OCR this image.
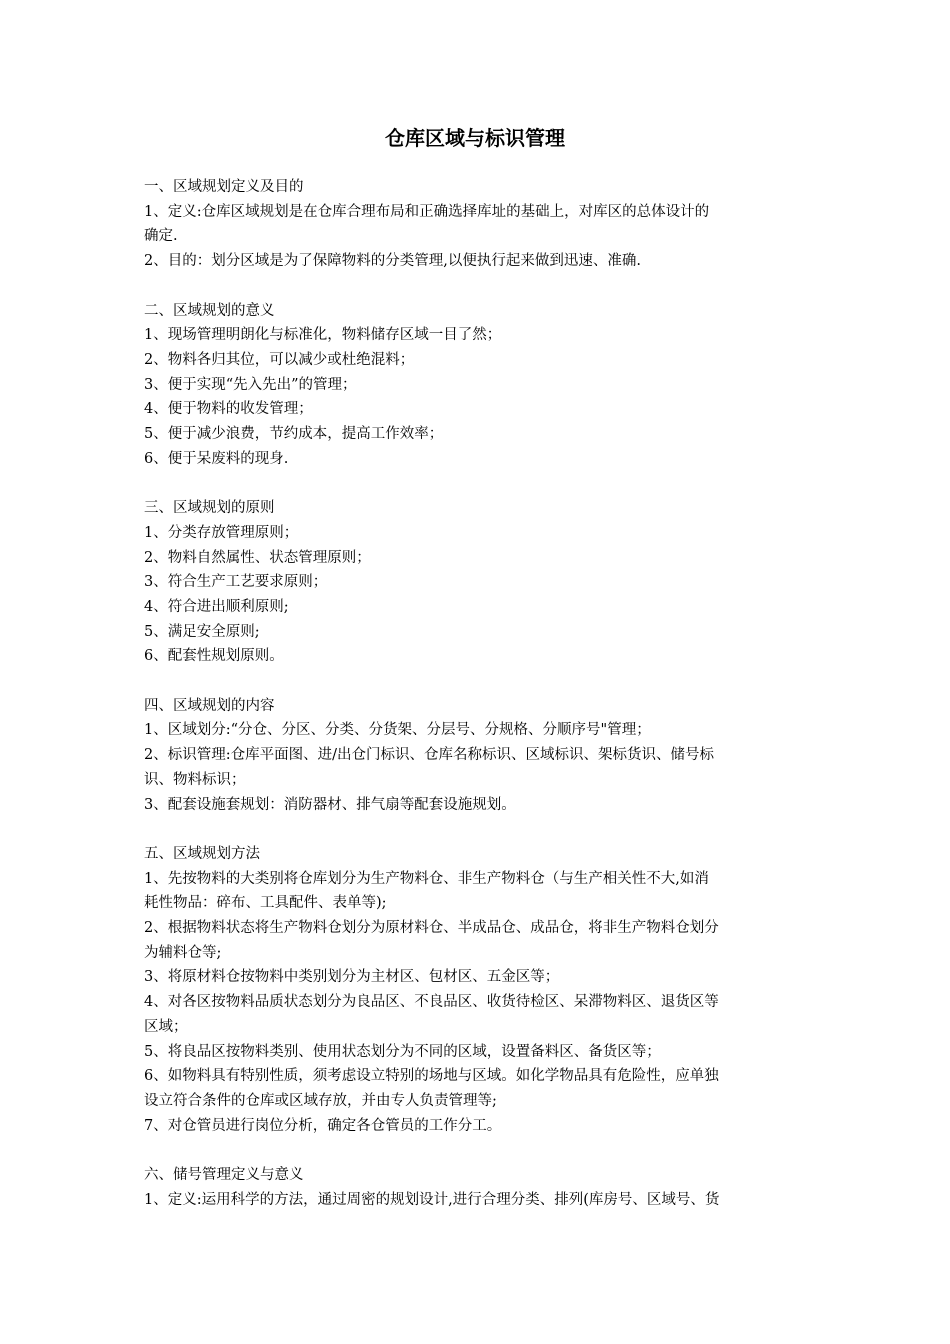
仓库区域与标识管理

一、区域规划定义及目的

1、定义:仓库区域规划是在仓库合理布局和正确选择库址的基础上，对库区的总体设计的

确定.

2、目的：划分区域是为了保障物料的分类管理,以便执行起来做到迅速、准确.

二、区域规划的意义

1、现场管理明朗化与标准化，物料储存区域一目了然；

2、物料各归其位，可以减少或杜绝混料；

3、便于实现“先入先出”的管理；

4、便于物料的收发管理；

5、便于减少浪费，节约成本，提高工作效率；

6、便于呆废料的现身.

三、区域规划的原则

1、分类存放管理原则；

2、物料自然属性、状态管理原则；

3、符合生产工艺要求原则；

4、符合进出顺利原则;

5、满足安全原则;

6、配套性规划原则。

四、区域规划的内容

1、区域划分:“分仓、分区、分类、分货架、分层号、分规格、分顺序号"管理；

2、标识管理:仓库平面图、进/出仓门标识、仓库名称标识、区域标识、架标货识、储号标

识、物料标识；

3、配套设施套规划：消防器材、排气扇等配套设施规划。

五、区域规划方法

1、先按物料的大类别将仓库划分为生产物料仓、非生产物料仓（与生产相关性不大,如消

耗性物品：碎布、工具配件、表单等);

2、根据物料状态将生产物料仓划分为原材料仓、半成品仓、成品仓，将非生产物料仓划分

为辅料仓等;

3、将原材料仓按物料中类别划分为主材区、包材区、五金区等；

4、对各区按物料品质状态划分为良品区、不良品区、收货待检区、呆滞物料区、退货区等

区域；

5、将良品区按物料类别、使用状态划分为不同的区域，设置备料区、备货区等；

6、如物料具有特别性质，须考虑设立特别的场地与区域。如化学物品具有危险性，应单独

设立符合条件的仓库或区域存放，并由专人负责管理等;

7、对仓管员进行岗位分析，确定各仓管员的工作分工。

六、储号管理定义与意义

1、定义:运用科学的方法，通过周密的规划设计,进行合理分类、排列(库房号、区域号、货
